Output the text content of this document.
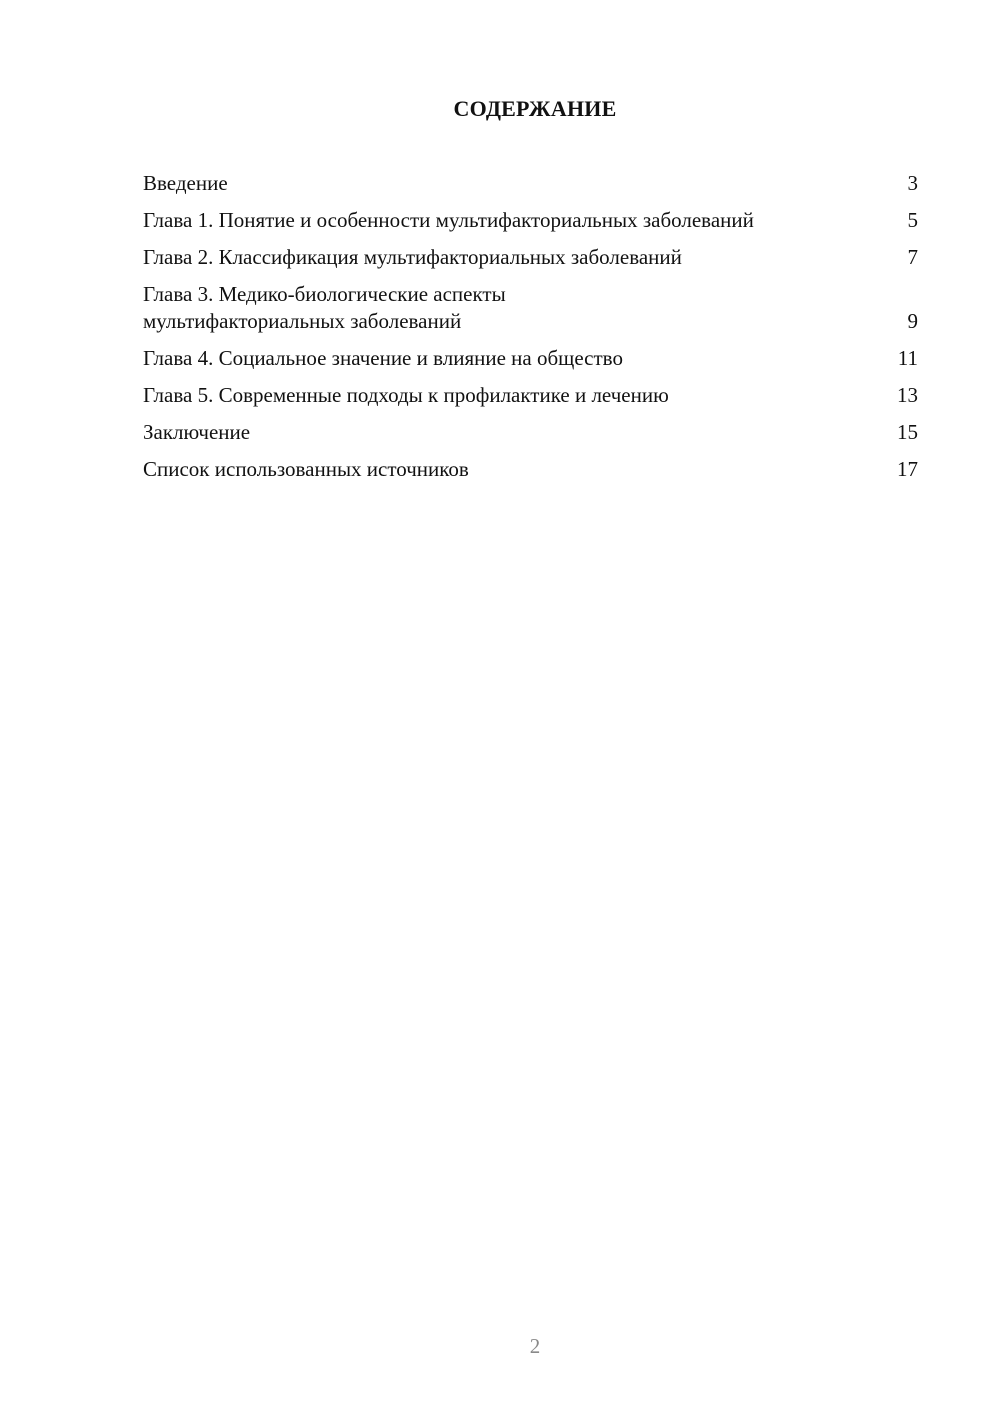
СОДЕРЖАНИЕ
Введение	3
Глава 1. Понятие и особенности мультифакториальных заболеваний	5
Глава 2. Классификация мультифакториальных заболеваний	7
Глава 3. Медико-биологические аспекты мультифакториальных заболеваний	9
Глава 4. Социальное значение и влияние на общество	11
Глава 5. Современные подходы к профилактике и лечению	13
Заключение	15
Список использованных источников	17
2
